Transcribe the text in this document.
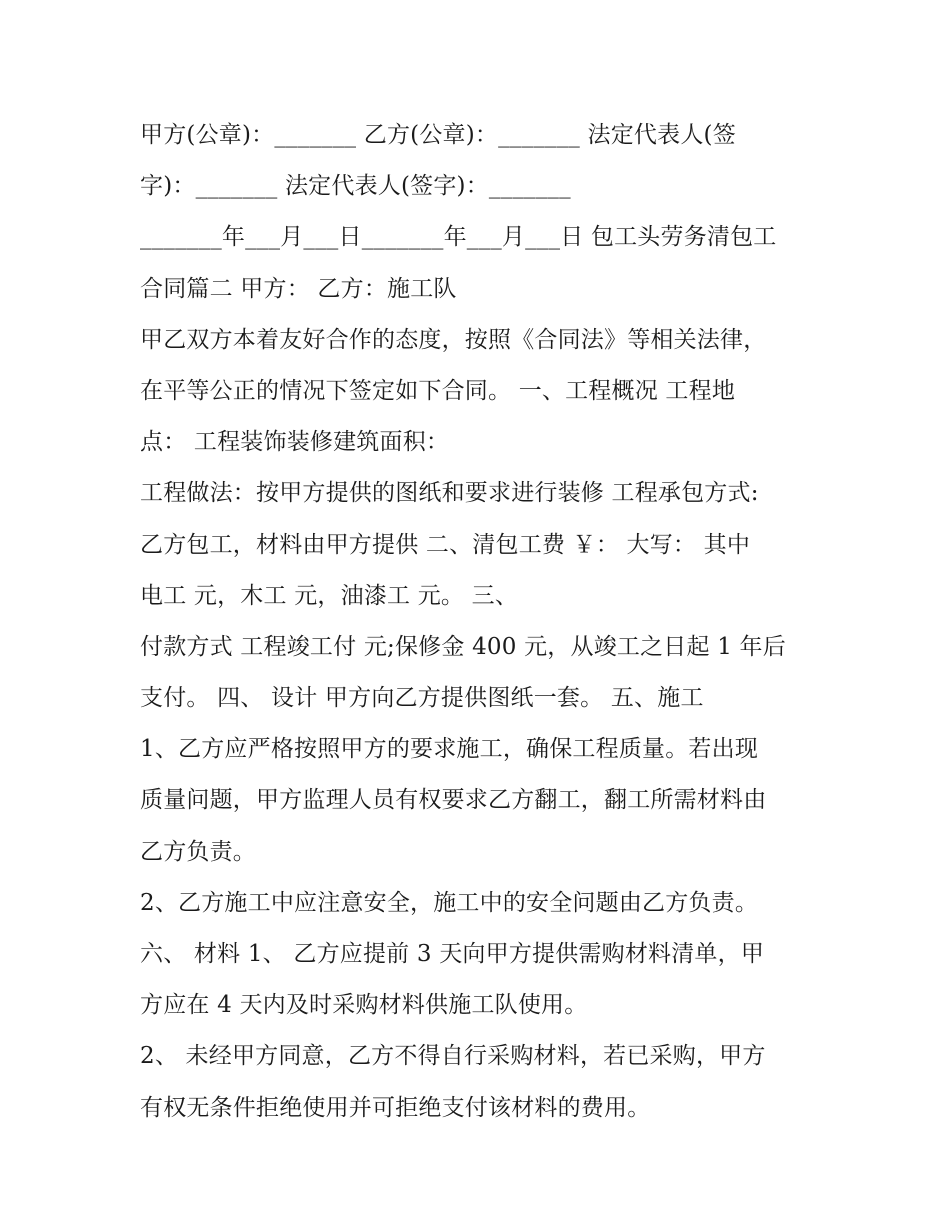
甲方(公章)：_______ 乙方(公章)：_______ 法定代表人(签
字)：_______ 法定代表人(签字)：_______
_______年___月___日_______年___月___日 包工头劳务清包工
合同篇二 甲方： 乙方：施工队
甲乙双方本着友好合作的态度，按照《合同法》等相关法律，
在平等公正的情况下签定如下合同。 一、工程概况 工程地
点： 工程装饰装修建筑面积：
工程做法：按甲方提供的图纸和要求进行装修 工程承包方式:
乙方包工，材料由甲方提供 二、清包工费 ￥： 大写： 其中
电工 元，木工 元，油漆工 元。 三、
付款方式 工程竣工付 元;保修金 400 元，从竣工之日起 1 年后
支付。 四、 设计 甲方向乙方提供图纸一套。 五、施工
1、乙方应严格按照甲方的要求施工，确保工程质量。若出现
质量问题，甲方监理人员有权要求乙方翻工，翻工所需材料由
乙方负责。
2、乙方施工中应注意安全，施工中的安全问题由乙方负责。
六、 材料 1、 乙方应提前 3 天向甲方提供需购材料清单，甲
方应在 4 天内及时采购材料供施工队使用。
2、 未经甲方同意，乙方不得自行采购材料，若已采购，甲方
有权无条件拒绝使用并可拒绝支付该材料的费用。
